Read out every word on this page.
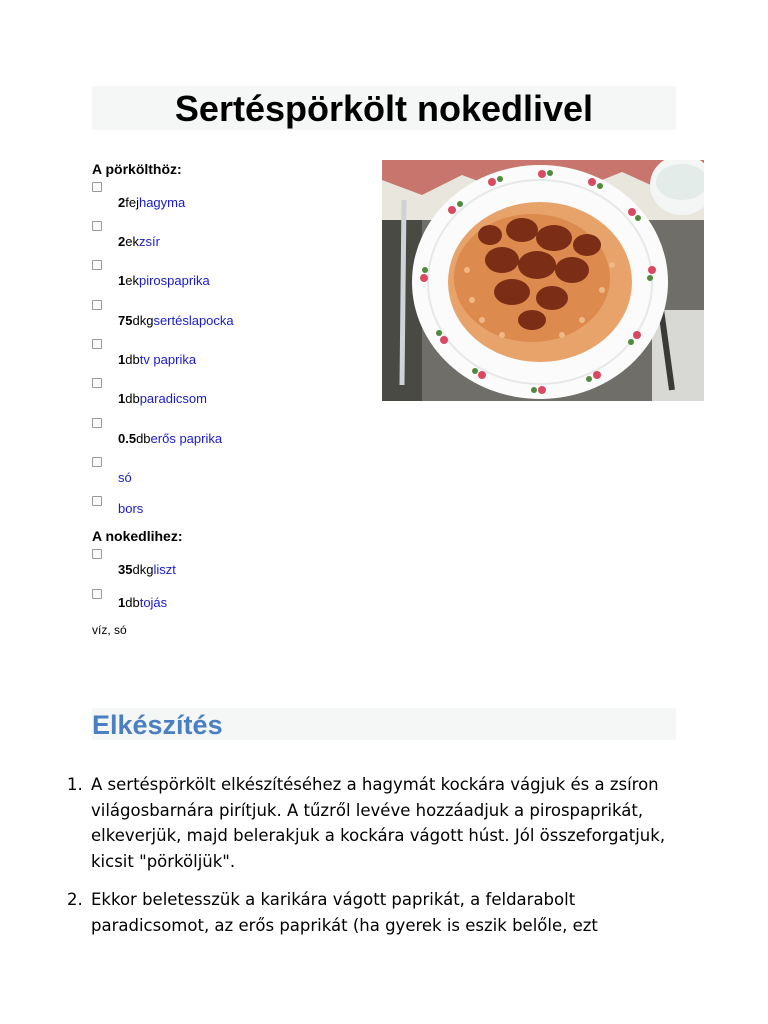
Sertéspörkölt nokedlivel
A pörkölthöz:
2fejhagyma
2ekzsír
1ekpirospaprika
75dkgsertéslapocka
1dbtv paprika
1dbparadicsom
0.5dberős paprika
só
bors
A nokedlihez:
35dkgliszt
1dbtojás
víz, só
Elkészítés
1. A sertéspörkölt elkészítéséhez a hagymát kockára vágjuk és a zsíron világosbarnára pirítjuk. A tűzről levéve hozzáadjuk a pirospaprikát, elkeverjük, majd belerakjuk a kockára vágott húst. Jól összeforgatjuk, kicsit "pörköljük".
2. Ekkor beletesszük a karikára vágott paprikát, a feldarabolt paradicsomot, az erős paprikát (ha gyerek is eszik belőle, ezt
